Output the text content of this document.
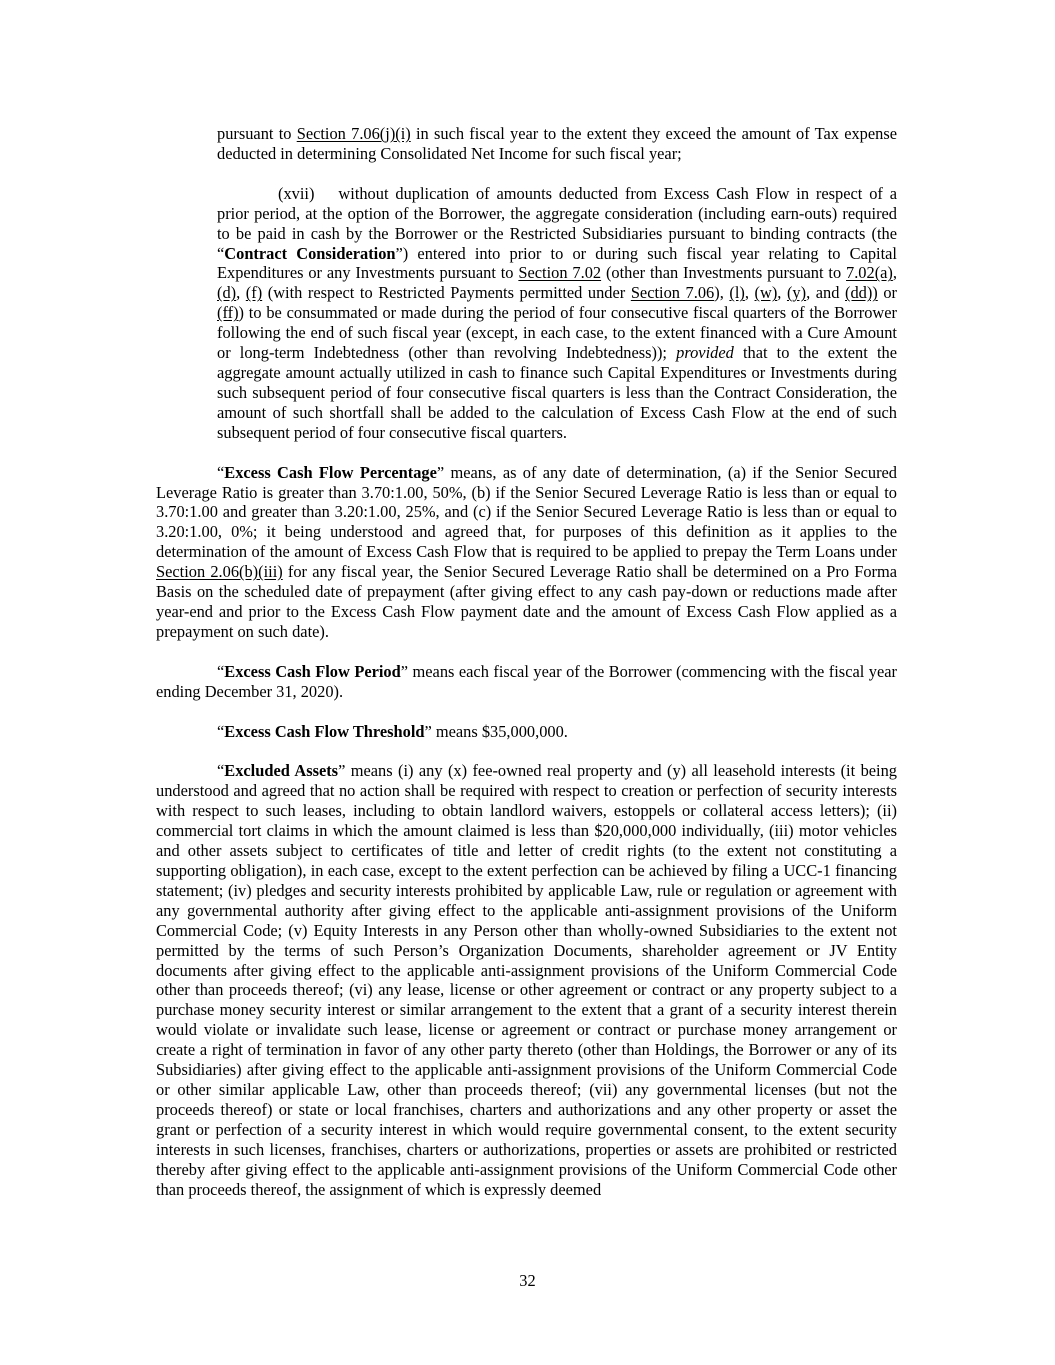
pursuant to Section 7.06(j)(i) in such fiscal year to the extent they exceed the amount of Tax expense deducted in determining Consolidated Net Income for such fiscal year;

(xvii) without duplication of amounts deducted from Excess Cash Flow in respect of a prior period, at the option of the Borrower, the aggregate consideration (including earn-outs) required to be paid in cash by the Borrower or the Restricted Subsidiaries pursuant to binding contracts (the “Contract Consideration”) entered into prior to or during such fiscal year relating to Capital Expenditures or any Investments pursuant to Section 7.02 (other than Investments pursuant to 7.02(a), (d), (f) (with respect to Restricted Payments permitted under Section 7.06), (l), (w), (y), and (dd)) or (ff)) to be consummated or made during the period of four consecutive fiscal quarters of the Borrower following the end of such fiscal year (except, in each case, to the extent financed with a Cure Amount or long-term Indebtedness (other than revolving Indebtedness)); provided that to the extent the aggregate amount actually utilized in cash to finance such Capital Expenditures or Investments during such subsequent period of four consecutive fiscal quarters is less than the Contract Consideration, the amount of such shortfall shall be added to the calculation of Excess Cash Flow at the end of such subsequent period of four consecutive fiscal quarters.

“Excess Cash Flow Percentage” means, as of any date of determination, (a) if the Senior Secured Leverage Ratio is greater than 3.70:1.00, 50%, (b) if the Senior Secured Leverage Ratio is less than or equal to 3.70:1.00 and greater than 3.20:1.00, 25%, and (c) if the Senior Secured Leverage Ratio is less than or equal to 3.20:1.00, 0%; it being understood and agreed that, for purposes of this definition as it applies to the determination of the amount of Excess Cash Flow that is required to be applied to prepay the Term Loans under Section 2.06(b)(iii) for any fiscal year, the Senior Secured Leverage Ratio shall be determined on a Pro Forma Basis on the scheduled date of prepayment (after giving effect to any cash pay-down or reductions made after year-end and prior to the Excess Cash Flow payment date and the amount of Excess Cash Flow applied as a prepayment on such date).

“Excess Cash Flow Period” means each fiscal year of the Borrower (commencing with the fiscal year ending December 31, 2020).

“Excess Cash Flow Threshold” means $35,000,000.

“Excluded Assets” means (i) any (x) fee-owned real property and (y) all leasehold interests (it being understood and agreed that no action shall be required with respect to creation or perfection of security interests with respect to such leases, including to obtain landlord waivers, estoppels or collateral access letters); (ii) commercial tort claims in which the amount claimed is less than $20,000,000 individually, (iii) motor vehicles and other assets subject to certificates of title and letter of credit rights (to the extent not constituting a supporting obligation), in each case, except to the extent perfection can be achieved by filing a UCC-1 financing statement; (iv) pledges and security interests prohibited by applicable Law, rule or regulation or agreement with any governmental authority after giving effect to the applicable anti-assignment provisions of the Uniform Commercial Code; (v) Equity Interests in any Person other than wholly-owned Subsidiaries to the extent not permitted by the terms of such Person’s Organization Documents, shareholder agreement or JV Entity documents after giving effect to the applicable anti-assignment provisions of the Uniform Commercial Code other than proceeds thereof; (vi) any lease, license or other agreement or contract or any property subject to a purchase money security interest or similar arrangement to the extent that a grant of a security interest therein would violate or invalidate such lease, license or agreement or contract or purchase money arrangement or create a right of termination in favor of any other party thereto (other than Holdings, the Borrower or any of its Subsidiaries) after giving effect to the applicable anti-assignment provisions of the Uniform Commercial Code or other similar applicable Law, other than proceeds thereof; (vii) any governmental licenses (but not the proceeds thereof) or state or local franchises, charters and authorizations and any other property or asset the grant or perfection of a security interest in which would require governmental consent, to the extent security interests in such licenses, franchises, charters or authorizations, properties or assets are prohibited or restricted thereby after giving effect to the applicable anti-assignment provisions of the Uniform Commercial Code other than proceeds thereof, the assignment of which is expressly deemed

32
